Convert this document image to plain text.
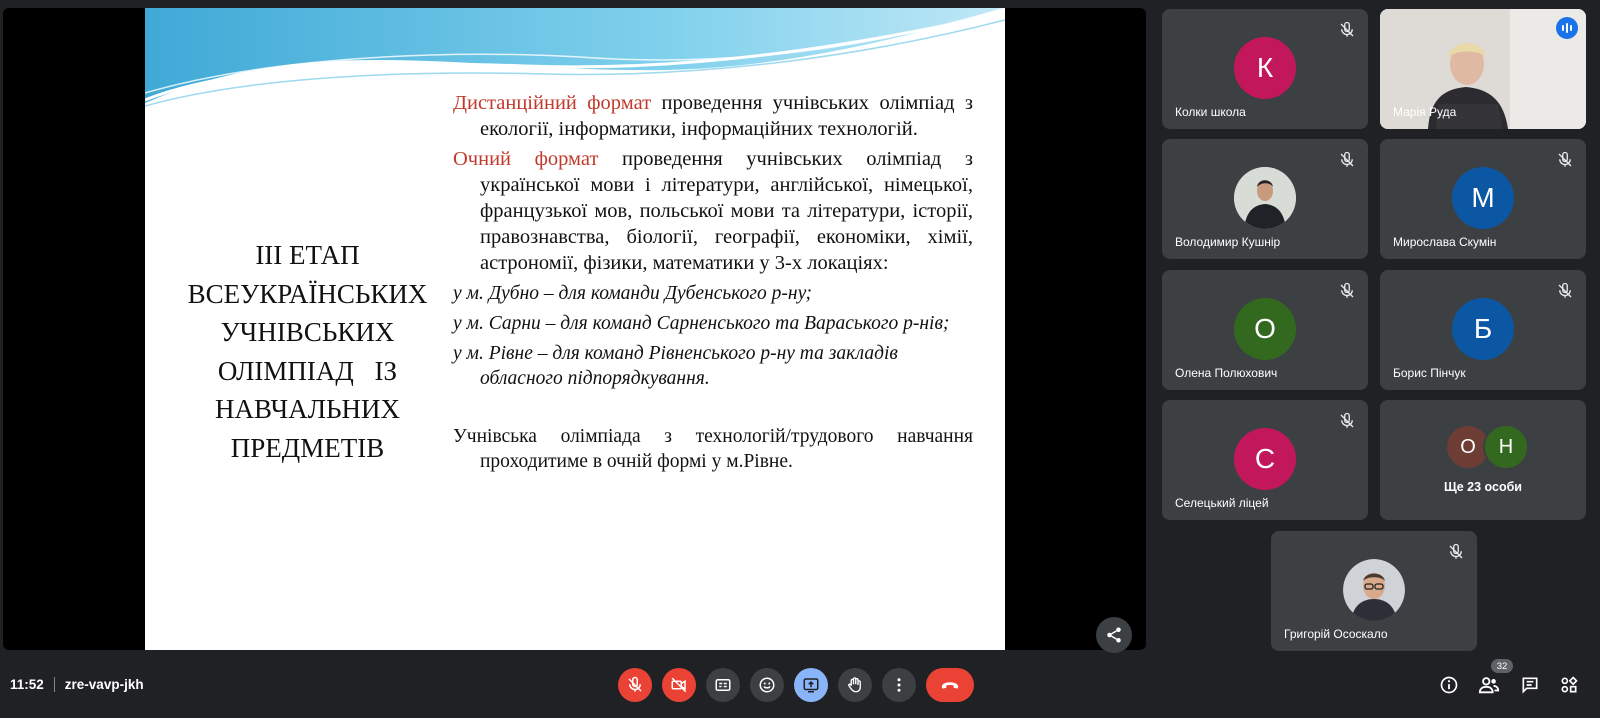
ІІІ ЕТАП
ВСЕУКРАЇНСЬКИХ
УЧНІВСЬКИХ
ОЛІМПІАД ІЗ
НАВЧАЛЬНИХ
ПРЕДМЕТІВ

Дистанційний формат проведення учнівських олімпіад з екології, інформатики, інформаційних технологій.

Очний формат проведення учнівських олімпіад з української мови і літератури, англійської, німецької, французької мов, польської мови та літератури, історії, правознавства, біології, географії, економіки, хімії, астрономії, фізики, математики у 3-х локаціях:

у м. Дубно – для команди Дубенського р-ну;

у м. Сарни – для команд Сарненського та Вараського р-нів;

у м. Рівне – для команд Рівненського р-ну та закладів обласного підпорядкування.

Учнівська олімпіада з технологій/трудового навчання проходитиме в очній формі у м.Рівне.

К
Колки школа	Марія Руда
Володимир Кушнір
М
Мирослава Скумін
О
Олена Полюхович
Б
Борис Пінчук
С
Селецький ліцей
О	Н
Ще 23 особи
Григорій Ососкало
11:52 zre-vavp-jkh
32
